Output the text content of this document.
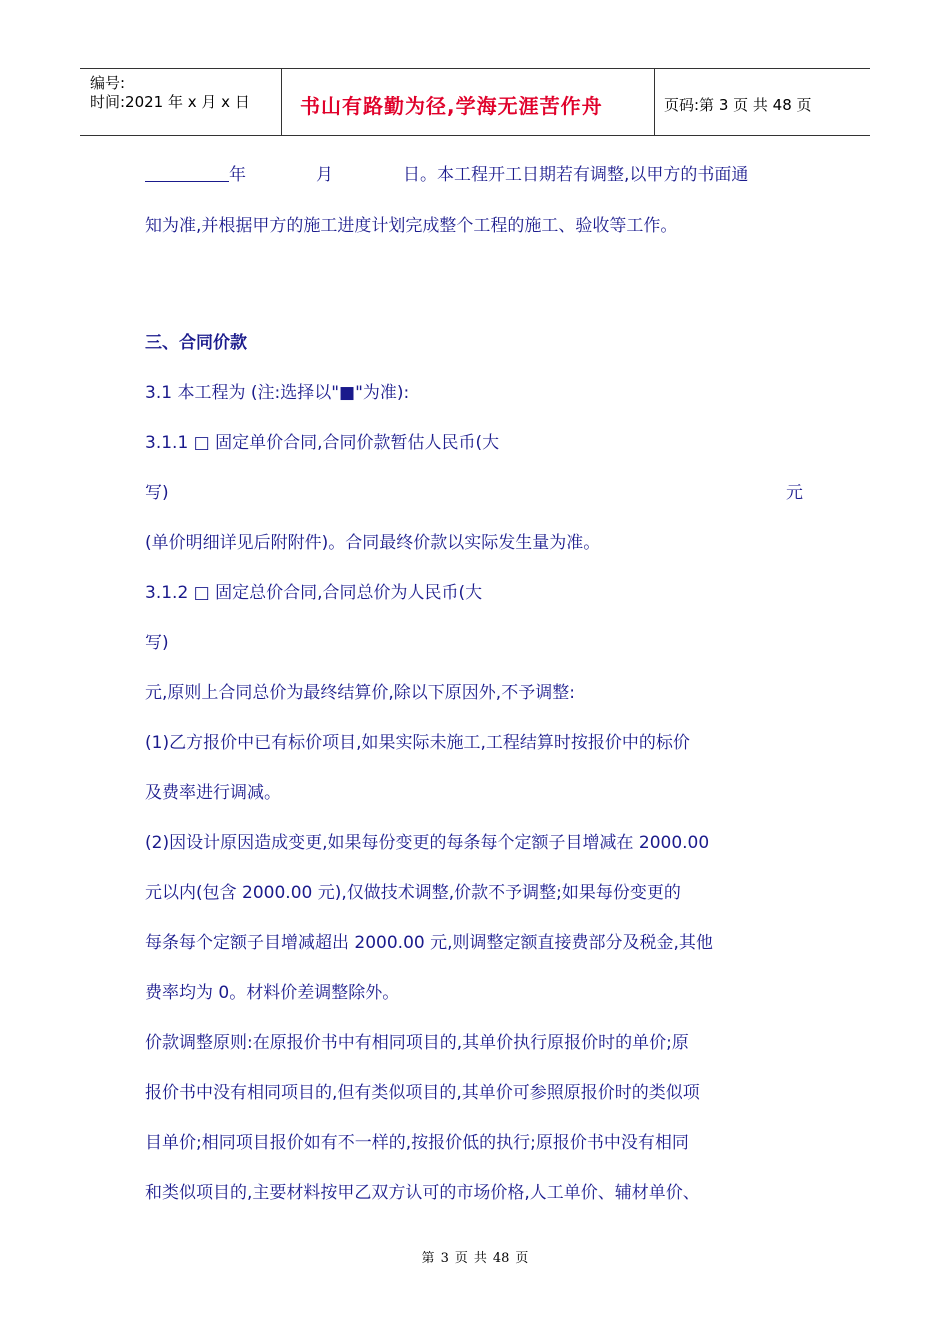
编号:
时间:2021 年 x 月 x 日	书山有路勤为径,学海无涯苦作舟	页码:第 3 页 共 48 页
年	月	日。本工程开工日期若有调整,以甲方的书面通
知为准,并根据甲方的施工进度计划完成整个工程的施工、验收等工作。
三、合同价款
3.1 本工程为 (注:选择以"■"为准):
3.1.1 □ 固定单价合同,合同价款暂估人民币(大
写)	元
(单价明细详见后附附件)。合同最终价款以实际发生量为准。
3.1.2 □ 固定总价合同,合同总价为人民币(大
写)
元,原则上合同总价为最终结算价,除以下原因外,不予调整:
(1)乙方报价中已有标价项目,如果实际未施工,工程结算时按报价中的标价
及费率进行调减。
(2)因设计原因造成变更,如果每份变更的每条每个定额子目增减在 2000.00
元以内(包含 2000.00 元),仅做技术调整,价款不予调整;如果每份变更的
每条每个定额子目增减超出 2000.00 元,则调整定额直接费部分及税金,其他
费率均为 0。材料价差调整除外。
价款调整原则:在原报价书中有相同项目的,其单价执行原报价时的单价;原
报价书中没有相同项目的,但有类似项目的,其单价可参照原报价时的类似项
目单价;相同项目报价如有不一样的,按报价低的执行;原报价书中没有相同
和类似项目的,主要材料按甲乙双方认可的市场价格,人工单价、辅材单价、
第 3 页 共 48 页
